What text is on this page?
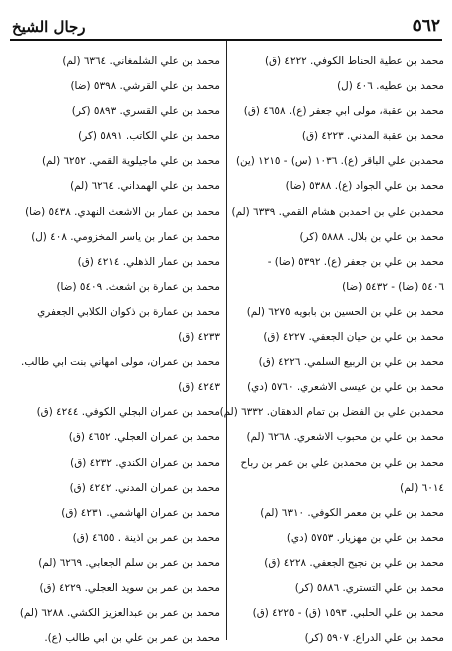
٥٦٢
رجال الشيخ
محمد بن عطية الحناط الكوفي. ٤٢٢٢ (ق)
محمد بن عطيه. ٤٠٦ (ل)
محمد بن عقبة، مولى ابي جعفر (ع). ٤٦٥٨ (ق)
محمد بن عقبة المدني. ٤٢٢٣ (ق)
محمدبن علي الباقر (ع). ١٠٣٦ (س) - ١٢١٥ (ين)
محمد بن علي الجواد (ع). ٥٣٨٨ (ضا)
محمدبن علي بن احمدبن هشام القمي. ٦٣٣٩ (لم)
محمد بن علي بن بلال. ٥٨٨٨ (كر)
محمد بن علي بن جعفر (ع). ٥٣٩٢ (ضا) -
٥٤٠٦ (ضا) - ٥٤٣٢ (ضا)
محمد بن علي بن الحسين بن بابويه ٦٢٧٥ (لم)
محمد بن علي بن حيان الجعفي. ٤٢٢٧ (ق)
محمد بن علي بن الربيع السلمي. ٤٢٢٦ (ق)
محمد بن علي بن عيسى الاشعري. ٥٧٦٠ (دي)
محمدبن علي بن الفضل بن تمام الدهقان. ٦٣٣٢ (لم)
محمد بن علي بن محبوب الاشعري. ٦٢٦٨ (لم)
محمد بن علي بن محمدبن علي بن عمر بن رباح
٦٠١٤ (لم)
محمد بن علي بن معمر الكوفي. ٦٣١٠ (لم)
محمد بن علي بن مهزيار. ٥٧٥٣ (دي)
محمد بن علي بن نجيح الجعفي. ٤٢٢٨ (ق)
محمد بن علي التستري. ٥٨٨٦ (كر)
محمد بن علي الحلبي. ١٥٩٣ (ق) - ٤٢٢٥ (ق)
محمد بن علي الدراع. ٥٩٠٧ (كر)
محمد بن علي الشلمغاني. ٦٣٦٤ (لم)
محمد بن علي القرشي. ٥٣٩٨ (ضا)
محمد بن علي القسري. ٥٨٩٣ (كر)
محمد بن علي الكاتب. ٥٨٩١ (كر)
محمد بن علي ماجيلوية القمي. ٦٢٥٢ (لم)
محمد بن علي الهمداني. ٦٢٦٤ (لم)
محمد بن عمار بن الاشعث النهدي. ٥٤٣٨ (ضا)
محمد بن عمار بن ياسر المخزومي. ٤٠٨ (ل)
محمد بن عمار الذهلي. ٤٢١٤ (ق)
محمد بن عمارة بن اشعث. ٥٤٠٩ (ضا)
محمد بن عمارة بن ذكوان الكلابي الجعفري
٤٢٣٣ (ق)
محمد بن عمران، مولى امهاني بنت ابي طالب.
٤٢٤٣ (ق)
محمد بن عمران البجلي الكوفي. ٤٢٤٤ (ق)
محمد بن عمران العجلي. ٤٦٥٢ (ق)
محمد بن عمران الكندي. ٤٢٣٢ (ق)
محمد بن عمران المدني. ٤٢٤٢ (ق)
محمد بن عمران الهاشمي. ٤٢٣١ (ق)
محمد بن عمر بن اذينة . ٤٦٥٥ (ق)
محمد بن عمر بن سلم الجعابي. ٦٢٦٩ (لم)
محمد بن عمر بن سويد العجلي. ٤٢٢٩ (ق)
محمد بن عمر بن عبدالعزيز الكشي. ٦٢٨٨ (لم)
محمد بن عمر بن علي بن ابي طالب (ع).
